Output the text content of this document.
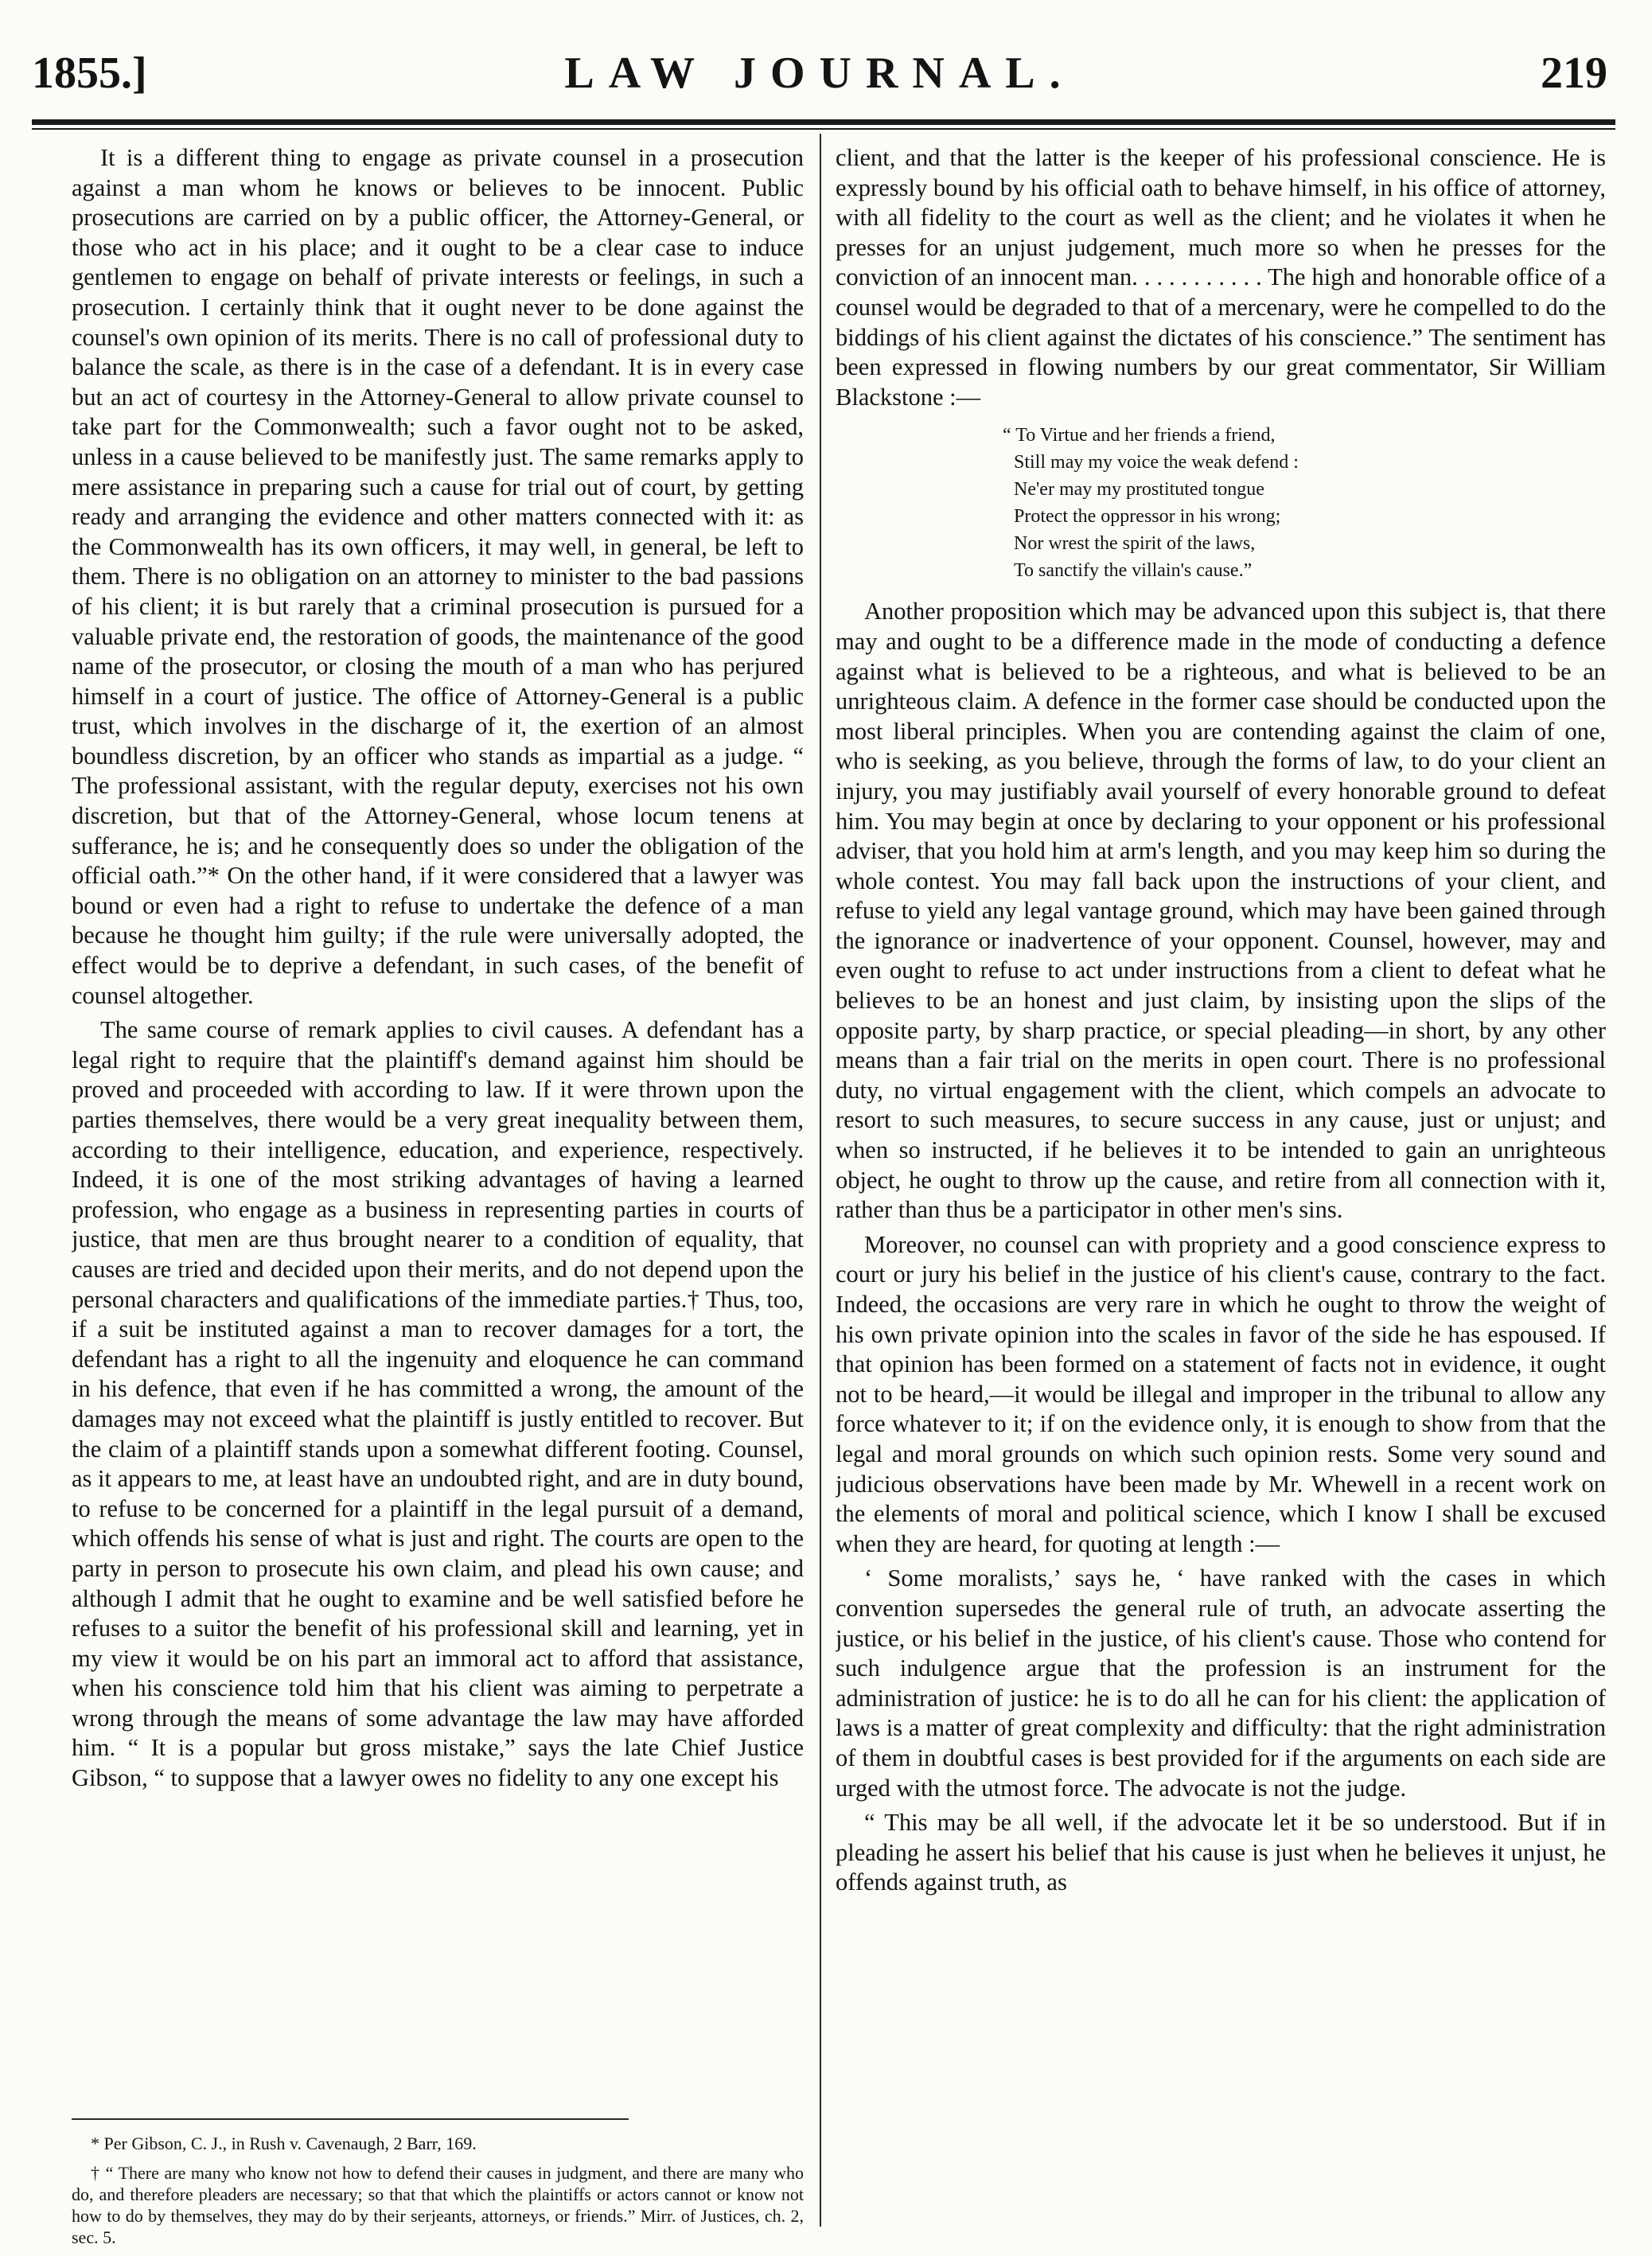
1855.]	LAW JOURNAL.	219

It is a different thing to engage as private counsel in a prosecution against a man whom he knows or believes to be innocent. Public prosecutions are carried on by a public officer, the Attorney-General, or those who act in his place; and it ought to be a clear case to induce gentlemen to engage on behalf of private interests or feelings, in such a prosecution. I certainly think that it ought never to be done against the counsel's own opinion of its merits. There is no call of professional duty to balance the scale, as there is in the case of a defendant. It is in every case but an act of courtesy in the Attorney-General to allow private counsel to take part for the Commonwealth; such a favor ought not to be asked, unless in a cause believed to be manifestly just. The same remarks apply to mere assistance in preparing such a cause for trial out of court, by getting ready and arranging the evidence and other matters connected with it: as the Commonwealth has its own officers, it may well, in general, be left to them. There is no obligation on an attorney to minister to the bad passions of his client; it is but rarely that a criminal prosecution is pursued for a valuable private end, the restoration of goods, the maintenance of the good name of the prosecutor, or closing the mouth of a man who has perjured himself in a court of justice. The office of Attorney-General is a public trust, which involves in the discharge of it, the exertion of an almost boundless discretion, by an officer who stands as impartial as a judge. “ The professional assistant, with the regular deputy, exercises not his own discretion, but that of the Attorney-General, whose locum tenens at sufferance, he is; and he consequently does so under the obligation of the official oath.”* On the other hand, if it were considered that a lawyer was bound or even had a right to refuse to undertake the defence of a man because he thought him guilty; if the rule were universally adopted, the effect would be to deprive a defendant, in such cases, of the benefit of counsel altogether.

The same course of remark applies to civil causes. A defendant has a legal right to require that the plaintiff's demand against him should be proved and proceeded with according to law. If it were thrown upon the parties themselves, there would be a very great inequality between them, according to their intelligence, education, and experience, respectively. Indeed, it is one of the most striking advantages of having a learned profession, who engage as a business in representing parties in courts of justice, that men are thus brought nearer to a condition of equality, that causes are tried and decided upon their merits, and do not depend upon the personal characters and qualifications of the immediate parties.† Thus, too, if a suit be instituted against a man to recover damages for a tort, the defendant has a right to all the ingenuity and eloquence he can command in his defence, that even if he has committed a wrong, the amount of the damages may not exceed what the plaintiff is justly entitled to recover. But the claim of a plaintiff stands upon a somewhat different footing. Counsel, as it appears to me, at least have an undoubted right, and are in duty bound, to refuse to be concerned for a plaintiff in the legal pursuit of a demand, which offends his sense of what is just and right. The courts are open to the party in person to prosecute his own claim, and plead his own cause; and although I admit that he ought to examine and be well satisfied before he refuses to a suitor the benefit of his professional skill and learning, yet in my view it would be on his part an immoral act to afford that assistance, when his conscience told him that his client was aiming to perpetrate a wrong through the means of some advantage the law may have afforded him. “ It is a popular but gross mistake,” says the late Chief Justice Gibson, “ to suppose that a lawyer owes no fidelity to any one except his

client, and that the latter is the keeper of his professional conscience. He is expressly bound by his official oath to behave himself, in his office of attorney, with all fidelity to the court as well as the client; and he violates it when he presses for an unjust judgement, much more so when he presses for the conviction of an innocent man. . . . . . . . . . . The high and honorable office of a counsel would be degraded to that of a mercenary, were he compelled to do the biddings of his client against the dictates of his conscience.” The sentiment has been expressed in flowing numbers by our great commentator, Sir William Blackstone :—

“ To Virtue and her friends a friend,
Still may my voice the weak defend :
Ne'er may my prostituted tongue
Protect the oppressor in his wrong;
Nor wrest the spirit of the laws,
To sanctify the villain's cause.”

Another proposition which may be advanced upon this subject is, that there may and ought to be a difference made in the mode of conducting a defence against what is believed to be a righteous, and what is believed to be an unrighteous claim. A defence in the former case should be conducted upon the most liberal principles. When you are contending against the claim of one, who is seeking, as you believe, through the forms of law, to do your client an injury, you may justifiably avail yourself of every honorable ground to defeat him. You may begin at once by declaring to your opponent or his professional adviser, that you hold him at arm's length, and you may keep him so during the whole contest. You may fall back upon the instructions of your client, and refuse to yield any legal vantage ground, which may have been gained through the ignorance or inadvertence of your opponent. Counsel, however, may and even ought to refuse to act under instructions from a client to defeat what he believes to be an honest and just claim, by insisting upon the slips of the opposite party, by sharp practice, or special pleading—in short, by any other means than a fair trial on the merits in open court. There is no professional duty, no virtual engagement with the client, which compels an advocate to resort to such measures, to secure success in any cause, just or unjust; and when so instructed, if he believes it to be intended to gain an unrighteous object, he ought to throw up the cause, and retire from all connection with it, rather than thus be a participator in other men's sins.

Moreover, no counsel can with propriety and a good conscience express to court or jury his belief in the justice of his client's cause, contrary to the fact. Indeed, the occasions are very rare in which he ought to throw the weight of his own private opinion into the scales in favor of the side he has espoused. If that opinion has been formed on a statement of facts not in evidence, it ought not to be heard,—it would be illegal and improper in the tribunal to allow any force whatever to it; if on the evidence only, it is enough to show from that the legal and moral grounds on which such opinion rests. Some very sound and judicious observations have been made by Mr. Whewell in a recent work on the elements of moral and political science, which I know I shall be excused when they are heard, for quoting at length :—

‘ Some moralists,’ says he, ‘ have ranked with the cases in which convention supersedes the general rule of truth, an advocate asserting the justice, or his belief in the justice, of his client's cause. Those who contend for such indulgence argue that the profession is an instrument for the administration of justice: he is to do all he can for his client: the application of laws is a matter of great complexity and difficulty: that the right administration of them in doubtful cases is best provided for if the arguments on each side are urged with the utmost force. The advocate is not the judge.

“ This may be all well, if the advocate let it be so understood. But if in pleading he assert his belief that his cause is just when he believes it unjust, he offends against truth, as

* Per Gibson, C. J., in Rush v. Cavenaugh, 2 Barr, 169.

† “ There are many who know not how to defend their causes in judgment, and there are many who do, and therefore pleaders are necessary; so that that which the plaintiffs or actors cannot or know not how to do by themselves, they may do by their serjeants, attorneys, or friends.” Mirr. of Justices, ch. 2, sec. 5.
